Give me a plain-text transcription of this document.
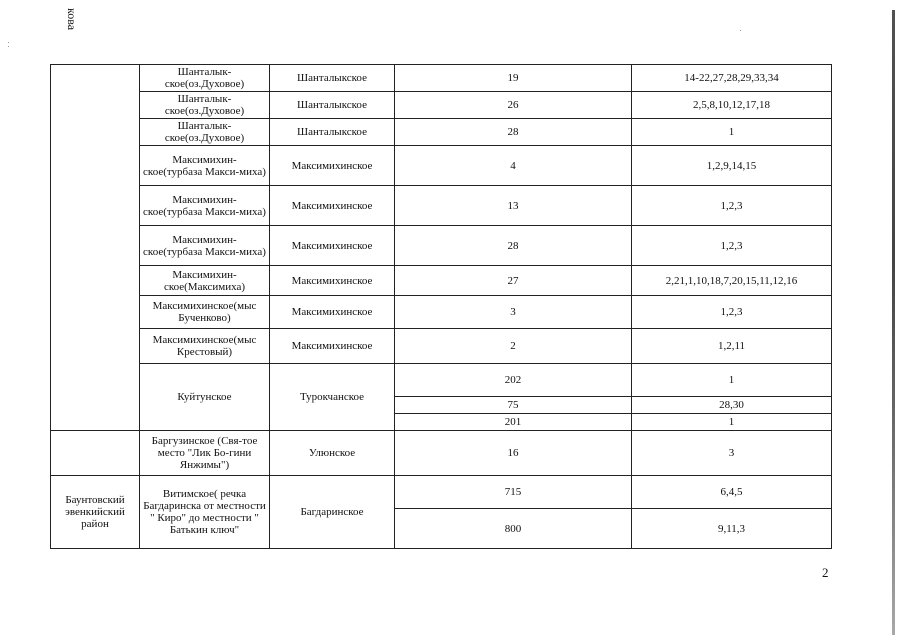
кова
	Шанталык-ское(оз.Духовое)	Шанталыкское	19	14-22,27,28,29,33,34
	Шанталык-ское(оз.Духовое)	Шанталыкское	26	2,5,8,10,12,17,18
	Шанталык-ское(оз.Духовое)	Шанталыкское	28	1
	Максимихин-ское(турбаза Макси-миха)	Максимихинское	4	1,2,9,14,15
	Максимихин-ское(турбаза Макси-миха)	Максимихинское	13	1,2,3
	Максимихин-ское(турбаза Макси-миха)	Максимихинское	28	1,2,3
	Максимихин-ское(Максимиха)	Максимихинское	27	2,21,1,10,18,7,20,15,11,12,16
	Максимихинское(мыс Бученково)	Максимихинское	3	1,2,3
	Максимихинское(мыс Крестовый)	Максимихинское	2	1,2,11
	Куйтунское	Турокчанское	202	1
			75	28,30
			201	1
	Баргузинское (Свя-тое место "Лик Бо-гини Янжимы")	Улюнское	16	3
Баунтовский эвенкийский район	Витимское( речка Багдаринска от местности " Киро" до местности " Батькин ключ"	Багдаринское	715	6,4,5
			800	9,11,3
2
